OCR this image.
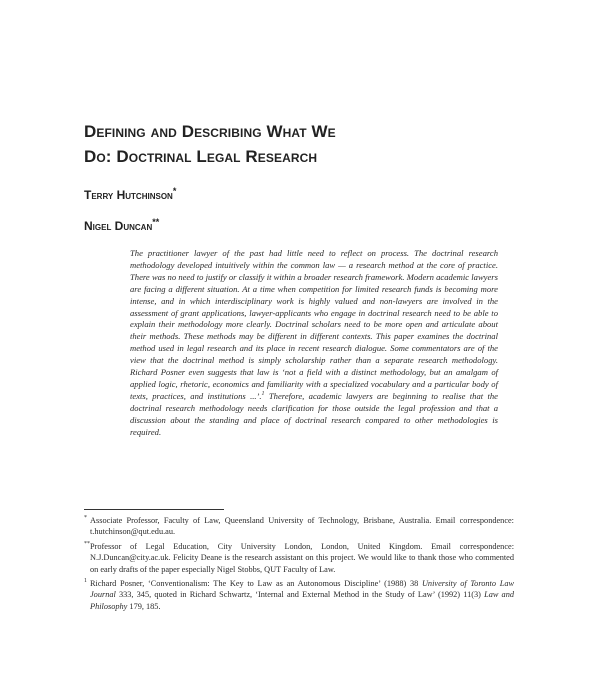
Defining and Describing What We
Do: Doctrinal Legal Research
Terry Hutchinson*
Nigel Duncan**
The practitioner lawyer of the past had little need to reflect on process. The doctrinal research methodology developed intuitively within the common law — a research method at the core of practice. There was no need to justify or classify it within a broader research framework. Modern academic lawyers are facing a different situation. At a time when competition for limited research funds is becoming more intense, and in which interdisciplinary work is highly valued and non-lawyers are involved in the assessment of grant applications, lawyer-applicants who engage in doctrinal research need to be able to explain their methodology more clearly. Doctrinal scholars need to be more open and articulate about their methods. These methods may be different in different contexts. This paper examines the doctrinal method used in legal research and its place in recent research dialogue. Some commentators are of the view that the doctrinal method is simply scholarship rather than a separate research methodology. Richard Posner even suggests that law is ‘not a field with a distinct methodology, but an amalgam of applied logic, rhetoric, economics and familiarity with a specialized vocabulary and a particular body of texts, practices, and institutions ...’.$^1$ Therefore, academic lawyers are beginning to realise that the doctrinal research methodology needs clarification for those outside the legal profession and that a discussion about the standing and place of doctrinal research compared to other methodologies is required.
* Associate Professor, Faculty of Law, Queensland University of Technology, Brisbane, Australia. Email correspondence: t.hutchinson@qut.edu.au.
** Professor of Legal Education, City University London, London, United Kingdom. Email correspondence: N.J.Duncan@city.ac.uk. Felicity Deane is the research assistant on this project. We would like to thank those who commented on early drafts of the paper especially Nigel Stobbs, QUT Faculty of Law.
1 Richard Posner, ‘Conventionalism: The Key to Law as an Autonomous Discipline’ (1988) 38 University of Toronto Law Journal 333, 345, quoted in Richard Schwartz, ‘Internal and External Method in the Study of Law’ (1992) 11(3) Law and Philosophy 179, 185.
